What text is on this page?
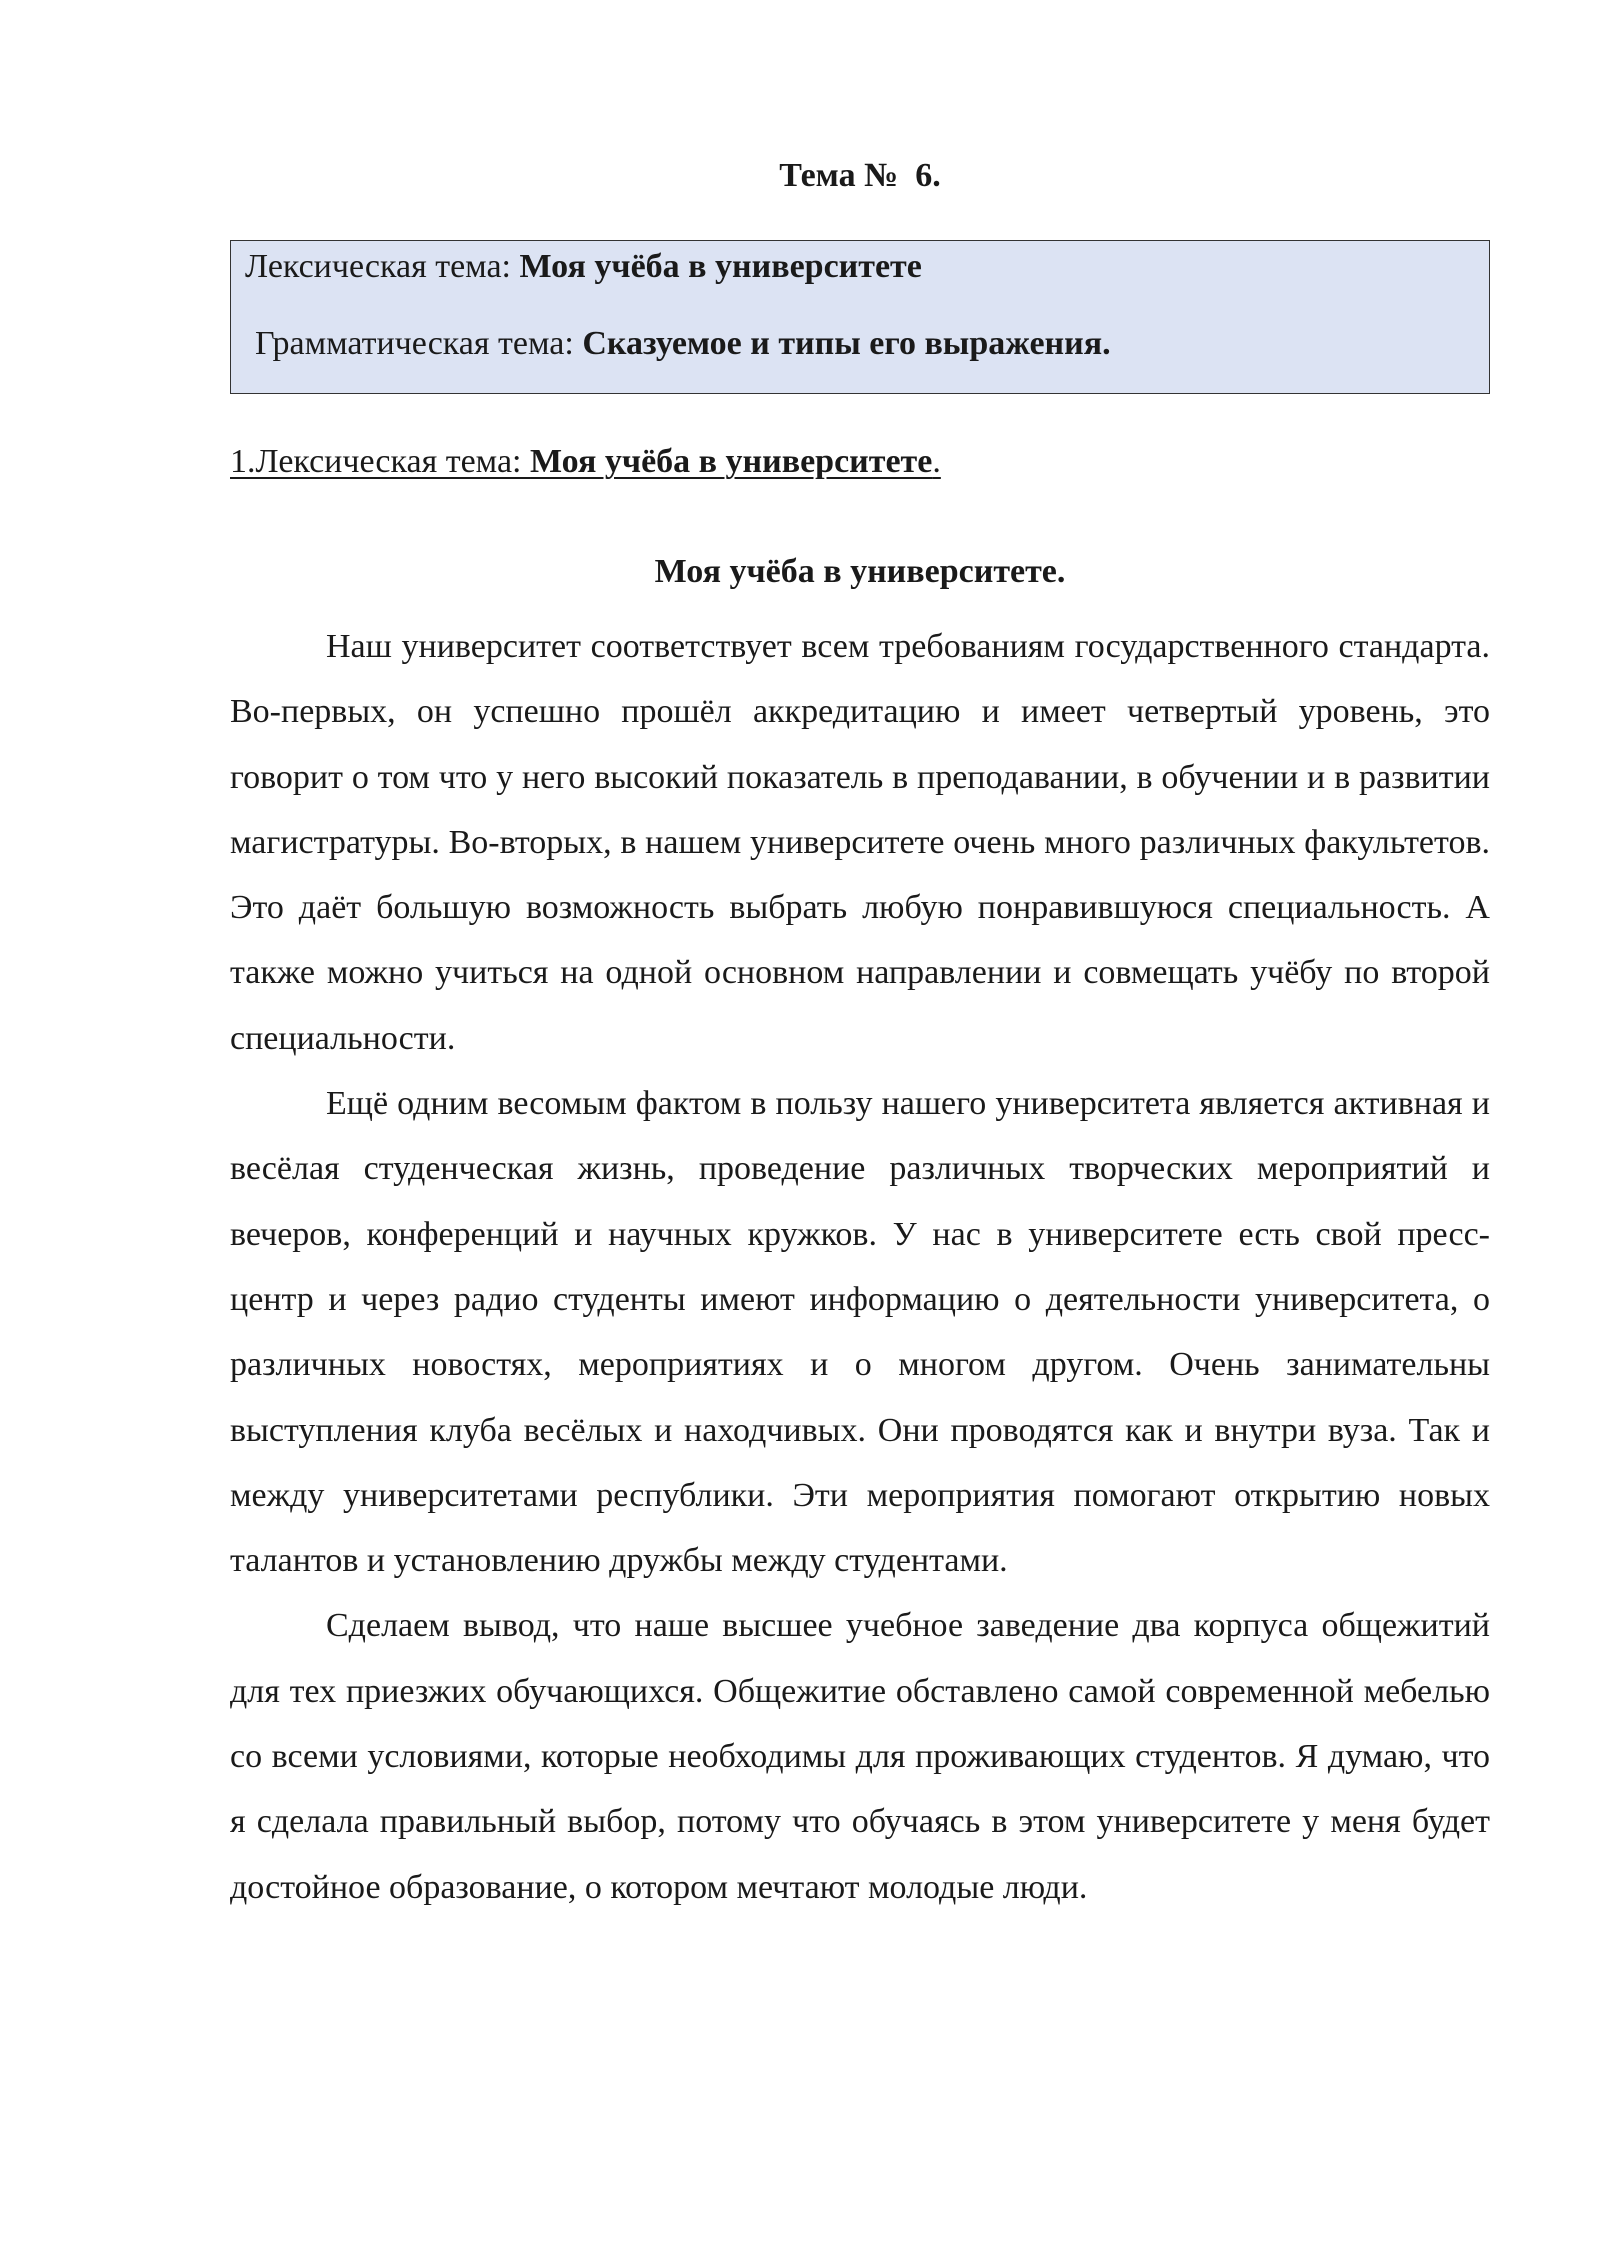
Тема №  6.

Лексическая тема: Моя учёба в университете

Грамматическая тема: Сказуемое и типы его выражения.

1.Лексическая тема: Моя учёба в университете.

Моя учёба в университете.

Наш университет соответствует всем требованиям государственного стандарта. Во-первых, он успешно прошёл аккредитацию и имеет четвертый уровень, это говорит о том что у него высокий показатель в преподавании, в обучении и в развитии магистратуры. Во-вторых, в нашем университете очень много различных факультетов. Это даёт большую возможность выбрать любую понравившуюся специальность. А также можно учиться на одной основном направлении и совмещать учёбу по второй специальности.

Ещё одним весомым фактом в пользу нашего университета является активная и весёлая студенческая жизнь, проведение различных творческих мероприятий и вечеров, конференций и научных кружков. У нас в университете есть свой пресс-центр и через радио студенты имеют информацию о деятельности университета, о различных новостях, мероприятиях и о многом другом. Очень занимательны выступления клуба весёлых и находчивых. Они проводятся как и внутри вуза. Так и между университетами республики. Эти мероприятия помогают открытию новых талантов и установлению дружбы между студентами.

Сделаем вывод, что наше высшее учебное заведение два корпуса общежитий для тех приезжих обучающихся. Общежитие обставлено самой современной мебелью со всеми условиями, которые необходимы для проживающих студентов. Я думаю, что я сделала правильный выбор, потому что обучаясь в этом университете у меня будет достойное образование, о котором мечтают молодые люди.
